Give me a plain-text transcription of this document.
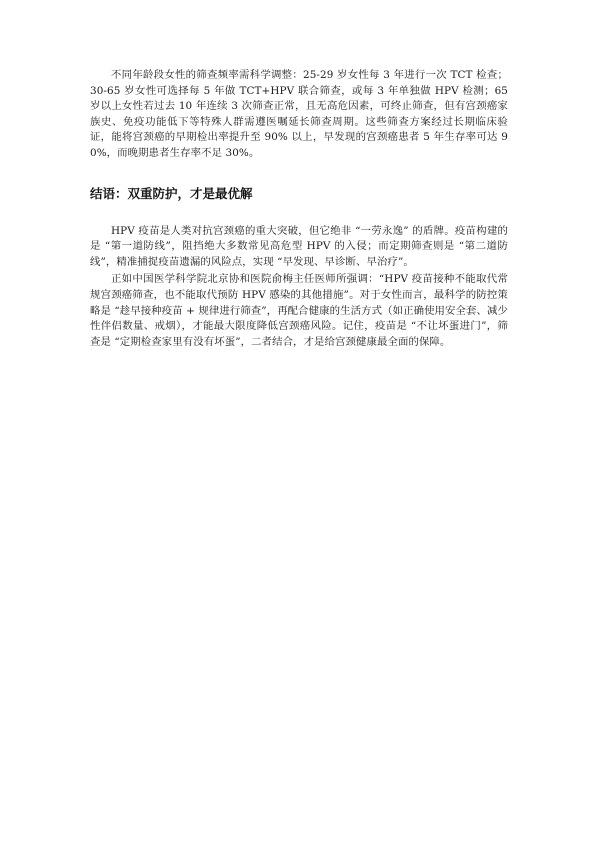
不同年龄段女性的筛查频率需科学调整：25-29 岁女性每 3 年进行一次 TCT 检查；30-65 岁女性可选择每 5 年做 TCT+HPV 联合筛查，或每 3 年单独做 HPV 检测；65 岁以上女性若过去 10 年连续 3 次筛查正常，且无高危因素，可终止筛查，但有宫颈癌家族史、免疫功能低下等特殊人群需遵医嘱延长筛查周期。这些筛查方案经过长期临床验证，能将宫颈癌的早期检出率提升至 90% 以上，早发现的宫颈癌患者 5 年生存率可达 90%，而晚期患者生存率不足 30%。

结语：双重防护，才是最优解

HPV 疫苗是人类对抗宫颈癌的重大突破，但它绝非 “一劳永逸” 的盾牌。疫苗构建的是 “第一道防线”，阻挡绝大多数常见高危型 HPV 的入侵；而定期筛查则是 “第二道防线”，精准捕捉疫苗遗漏的风险点，实现 “早发现、早诊断、早治疗”。

正如中国医学科学院北京协和医院俞梅主任医师所强调：“HPV 疫苗接种不能取代常规宫颈癌筛查，也不能取代预防 HPV 感染的其他措施”。对于女性而言，最科学的防控策略是 “趁早接种疫苗 + 规律进行筛查”，再配合健康的生活方式（如正确使用安全套、减少性伴侣数量、戒烟），才能最大限度降低宫颈癌风险。记住，疫苗是 “不让坏蛋进门”，筛查是 “定期检查家里有没有坏蛋”，二者结合，才是给宫颈健康最全面的保障。
